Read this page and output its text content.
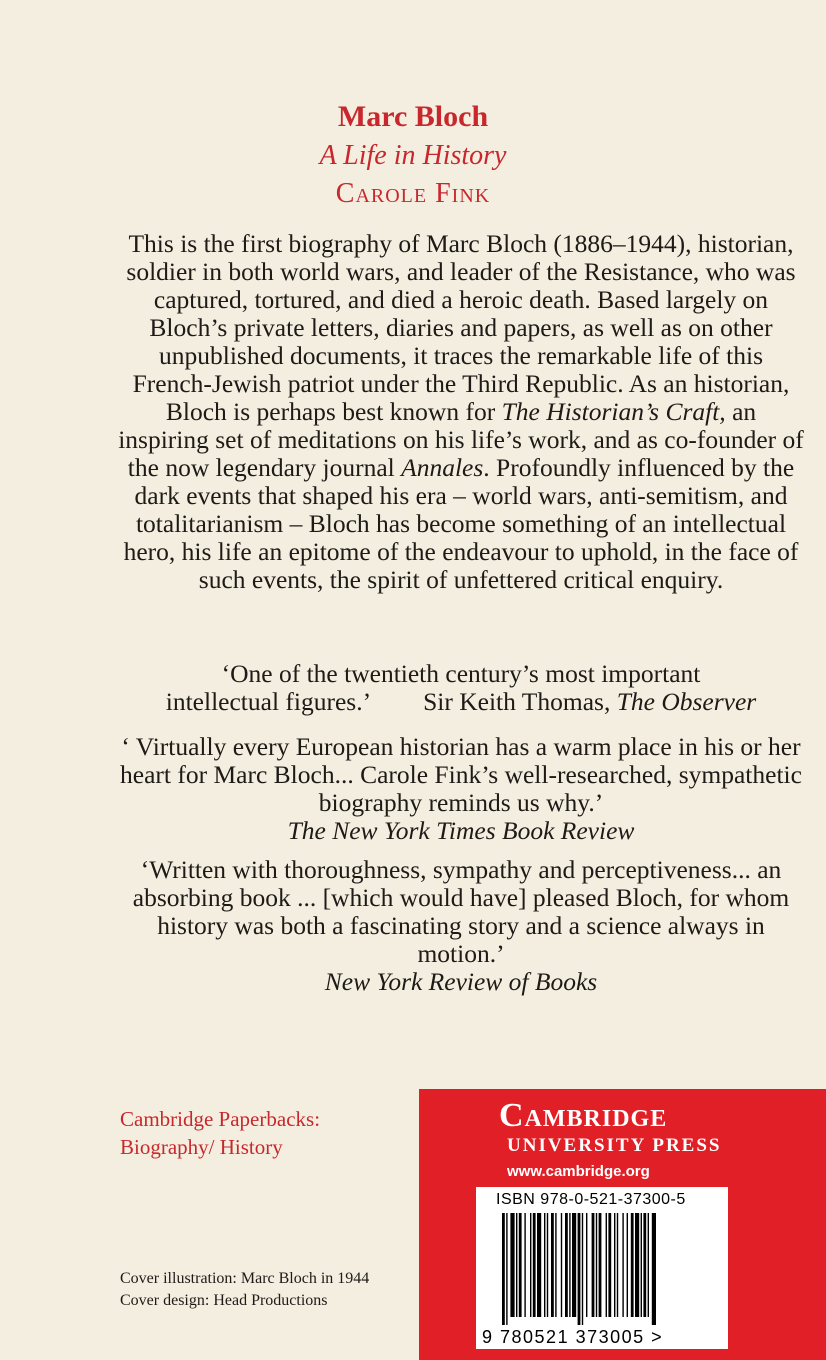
Marc Bloch
A Life in History
Carole Fink

This is the first biography of Marc Bloch (1886–1944), historian, soldier in both world wars, and leader of the Resistance, who was captured, tortured, and died a heroic death. Based largely on Bloch’s private letters, diaries and papers, as well as on other unpublished documents, it traces the remarkable life of this French-Jewish patriot under the Third Republic. As an historian, Bloch is perhaps best known for The Historian’s Craft, an inspiring set of meditations on his life’s work, and as co-founder of the now legendary journal Annales. Profoundly influenced by the dark events that shaped his era – world wars, anti-semitism, and totalitarianism – Bloch has become something of an intellectual hero, his life an epitome of the endeavour to uphold, in the face of such events, the spirit of unfettered critical enquiry.

‘One of the twentieth century’s most important
intellectual figures.’ Sir Keith Thomas, The Observer

‘ Virtually every European historian has a warm place in his or her heart for Marc Bloch... Carole Fink’s well-researched, sympathetic biography reminds us why.’
The New York Times Book Review

‘Written with thoroughness, sympathy and perceptiveness... an absorbing book ... [which would have] pleased Bloch, for whom history was both a fascinating story and a science always in motion.’
New York Review of Books

Cambridge Paperbacks:
Biography/ History
Cover illustration: Marc Bloch in 1944
Cover design: Head Productions
Cambridge
UNIVERSITY PRESS
www.cambridge.org
ISBN 978-0-521-37300-5
9 780521 373005 >
